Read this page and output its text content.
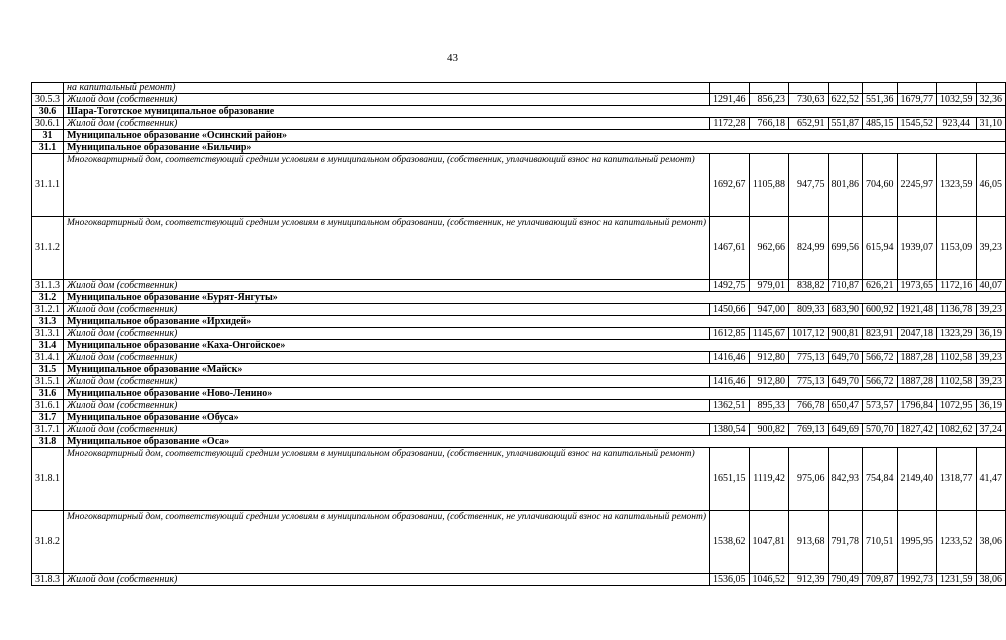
43
	на капитальный ремонт)								
30.5.3	Жилой дом (собственник)	1291,46	856,23	730,63	622,52	551,36	1679,77	1032,59	32,36
30.6	Шара-Тоготское муниципальное образование								
30.6.1	Жилой дом (собственник)	1172,28	766,18	652,91	551,87	485,15	1545,52	923,44	31,10
31	Муниципальное образование «Осинский район»								
31.1	Муниципальное образование «Бильчир»								
31.1.1	Многоквартирный дом, соответствующий средним условиям в муниципальном образовании, (собственник, уплачивающий взнос на капитальный ремонт)	1692,67	1105,88	947,75	801,86	704,60	2245,97	1323,59	46,05
31.1.2	Многоквартирный дом, соответствующий средним условиям в муниципальном образовании, (собственник, не уплачивающий взнос на капитальный ремонт)	1467,61	962,66	824,99	699,56	615,94	1939,07	1153,09	39,23
31.1.3	Жилой дом (собственник)	1492,75	979,01	838,82	710,87	626,21	1973,65	1172,16	40,07
31.2	Муниципальное образование «Бурят-Янгуты»								
31.2.1	Жилой дом (собственник)	1450,66	947,00	809,33	683,90	600,92	1921,48	1136,78	39,23
31.3	Муниципальное образование «Ирхидей»								
31.3.1	Жилой дом (собственник)	1612,85	1145,67	1017,12	900,81	823,91	2047,18	1323,29	36,19
31.4	Муниципальное образование «Каха-Онгойское»								
31.4.1	Жилой дом (собственник)	1416,46	912,80	775,13	649,70	566,72	1887,28	1102,58	39,23
31.5	Муниципальное образование «Майск»								
31.5.1	Жилой дом (собственник)	1416,46	912,80	775,13	649,70	566,72	1887,28	1102,58	39,23
31.6	Муниципальное образование «Ново-Ленино»								
31.6.1	Жилой дом (собственник)	1362,51	895,33	766,78	650,47	573,57	1796,84	1072,95	36,19
31.7	Муниципальное образование «Обуса»								
31.7.1	Жилой дом (собственник)	1380,54	900,82	769,13	649,69	570,70	1827,42	1082,62	37,24
31.8	Муниципальное образование «Оса»								
31.8.1	Многоквартирный дом, соответствующий средним условиям в муниципальном образовании, (собственник, уплачивающий взнос на капитальный ремонт)	1651,15	1119,42	975,06	842,93	754,84	2149,40	1318,77	41,47
31.8.2	Многоквартирный дом, соответствующий средним условиям в муниципальном образовании, (собственник, не уплачивающий взнос на капитальный ремонт)	1538,62	1047,81	913,68	791,78	710,51	1995,95	1233,52	38,06
31.8.3	Жилой дом (собственник)	1536,05	1046,52	912,39	790,49	709,87	1992,73	1231,59	38,06
